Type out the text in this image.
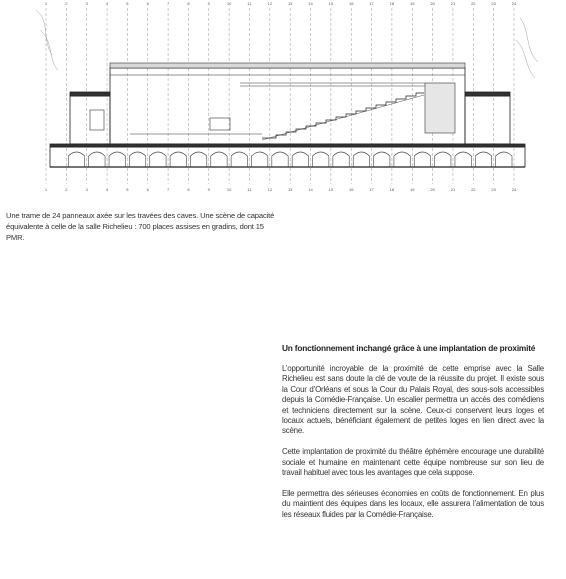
1	2	3	4	5	6	7	8	9	10	11	12	13	14	15	16	17	18	19	20	21	22	23	24
1	2	3	4	5	6	7	8	9	10	11	12	13	14	15	16	17	18	19	20	21	22	23	24

Une trame de 24 panneaux axée sur les travées des caves. Une scène de capacité équivalente à celle de la salle Richelieu : 700 places assises en gradins, dont 15 PMR.

Un fonctionnement inchangé grâce à une implantation de proximité

L’opportunité incroyable de la proximité de cette emprise avec la Salle Richelieu est sans doute la clé de voute de la réussite du projet. Il existe sous la Cour d’Orléans et sous la Cour du Palais Royal, des sous-sols accessibles depuis la Comédie-Française. Un escalier permettra un accès des comédiens et techniciens directement sur la scène. Ceux-ci conservent leurs loges et locaux actuels, bénéficiant également de petites loges en lien direct avec la scène.

Cette implantation de proximité du théâtre éphémère encourage une durabilité sociale et humaine en maintenant cette équipe nombreuse sur son lieu de travail habituel avec tous les avantages que cela suppose.

Elle permettra des sérieuses économies en coûts de fonctionnement. En plus du maintient des équipes dans les locaux, elle assurera l’alimentation de tous les réseaux fluides par la Comédie-Française.
